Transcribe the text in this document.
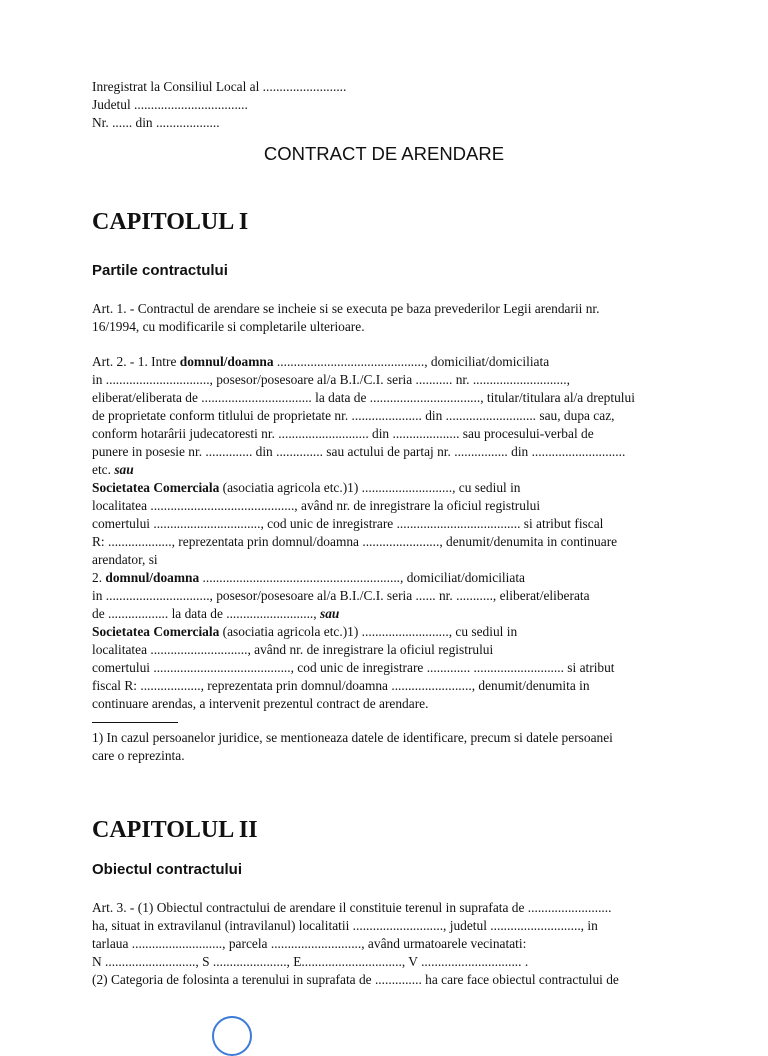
Inregistrat la Consiliul Local al .........................
Judetul ..................................
Nr. ...... din ...................
CONTRACT DE ARENDARE
CAPITOLUL I
Partile contractului
Art. 1. - Contractul de arendare se incheie si se executa pe baza prevederilor Legii arendarii nr.
16/1994, cu modificarile si completarile ulterioare.
Art. 2. - 1. Intre domnul/doamna ............................................, domiciliat/domiciliata
in ..............................., posesor/posesoare al/a B.I./C.I. seria ........... nr. ............................,
eliberat/eliberata de ................................. la data de ................................., titular/titulara al/a dreptului
de proprietate conform titlului de proprietate nr. ..................... din ........................... sau, dupa caz,
conform hotarârii judecatoresti nr. ........................... din .................... sau procesului-verbal de
punere in posesie nr. .............. din .............. sau actului de partaj nr. ................ din ............................
etc. sau
Societatea Comerciala (asociatia agricola etc.)1) ..........................., cu sediul in
localitatea ..........................................., având nr. de inregistrare la oficiul registrului
comertului ................................, cod unic de inregistrare ..................................... si atribut fiscal
R: ..................., reprezentata prin domnul/doamna ......................., denumit/denumita in continuare
arendator, si
2. domnul/doamna ..........................................................., domiciliat/domiciliata
in ..............................., posesor/posesoare al/a B.I./C.I. seria ...... nr. ..........., eliberat/eliberata
de .................. la data de .........................., sau
Societatea Comerciala (asociatia agricola etc.)1) .........................., cu sediul in
localitatea ............................., având nr. de inregistrare la oficiul registrului
comertului ........................................., cod unic de inregistrare ............. ........................... si atribut
fiscal R: .................., reprezentata prin domnul/doamna ........................, denumit/denumita in
continuare arendas, a intervenit prezentul contract de arendare.
1) In cazul persoanelor juridice, se mentioneaza datele de identificare, precum si datele persoanei
care o reprezinta.
CAPITOLUL II
Obiectul contractului
Art. 3. - (1) Obiectul contractului de arendare il constituie terenul in suprafata de .........................
ha, situat in extravilanul (intravilanul) localitatii ..........................., judetul ..........................., in
tarlaua ..........................., parcela ..........................., având urmatoarele vecinatati:
N ..........................., S ......................, E.............................., V .............................. .
(2) Categoria de folosinta a terenului in suprafata de .............. ha care face obiectul contractului de
